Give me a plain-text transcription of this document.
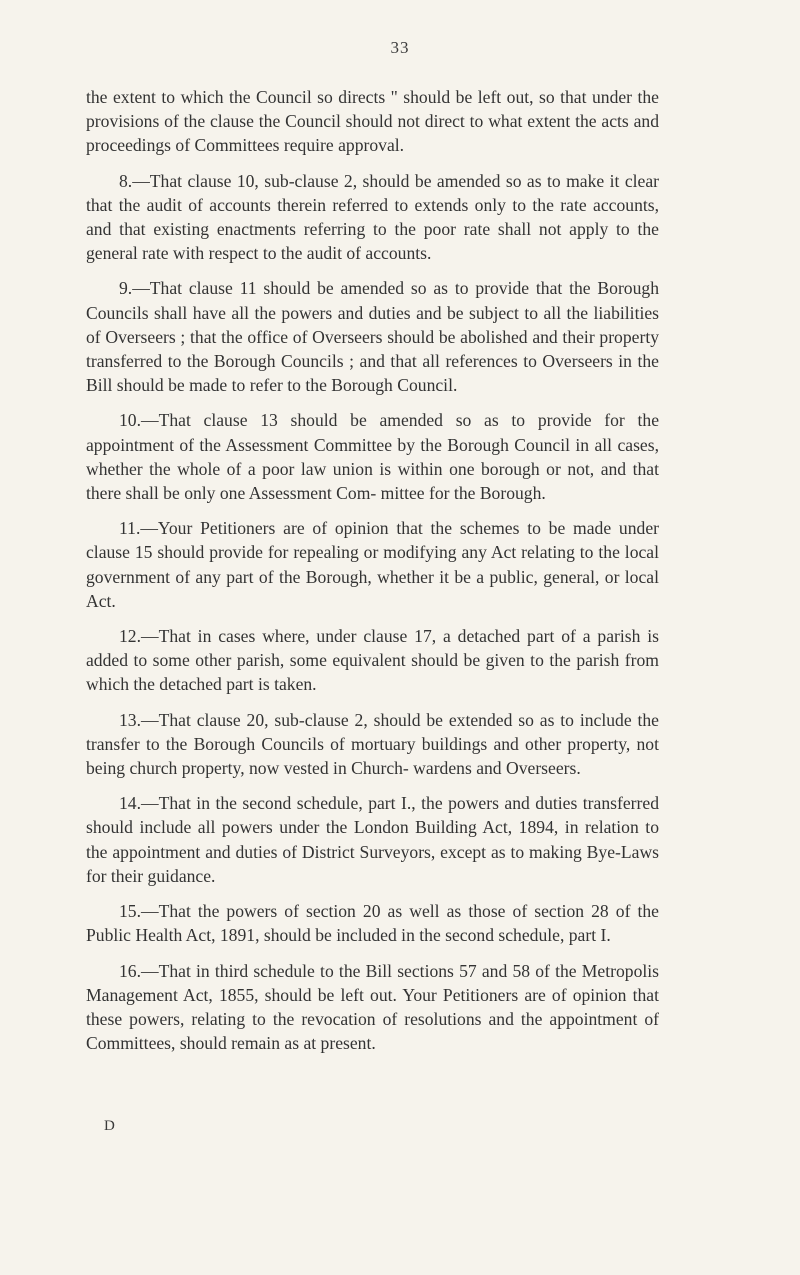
33

the extent to which the Council so directs " should be left out, so that under the provisions of the clause the Council should not direct to what extent the acts and proceedings of Committees require approval.

8.—That clause 10, sub-clause 2, should be amended so as to make it clear that the audit of accounts therein referred to extends only to the rate accounts, and that existing enactments referring to the poor rate shall not apply to the general rate with respect to the audit of accounts.

9.—That clause 11 should be amended so as to provide that the Borough Councils shall have all the powers and duties and be subject to all the liabilities of Overseers ; that the office of Overseers should be abolished and their property transferred to the Borough Councils ; and that all references to Overseers in the Bill should be made to refer to the Borough Council.

10.—That clause 13 should be amended so as to provide for the appointment of the Assessment Committee by the Borough Council in all cases, whether the whole of a poor law union is within one borough or not, and that there shall be only one Assessment Com- mittee for the Borough.

11.—Your Petitioners are of opinion that the schemes to be made under clause 15 should provide for repealing or modifying any Act relating to the local government of any part of the Borough, whether it be a public, general, or local Act.

12.—That in cases where, under clause 17, a detached part of a parish is added to some other parish, some equivalent should be given to the parish from which the detached part is taken.

13.—That clause 20, sub-clause 2, should be extended so as to include the transfer to the Borough Councils of mortuary buildings and other property, not being church property, now vested in Church- wardens and Overseers.

14.—That in the second schedule, part I., the powers and duties transferred should include all powers under the London Building Act, 1894, in relation to the appointment and duties of District Surveyors, except as to making Bye-Laws for their guidance.

15.—That the powers of section 20 as well as those of section 28 of the Public Health Act, 1891, should be included in the second schedule, part I.

16.—That in third schedule to the Bill sections 57 and 58 of the Metropolis Management Act, 1855, should be left out. Your Petitioners are of opinion that these powers, relating to the revocation of resolutions and the appointment of Committees, should remain as at present.

D
